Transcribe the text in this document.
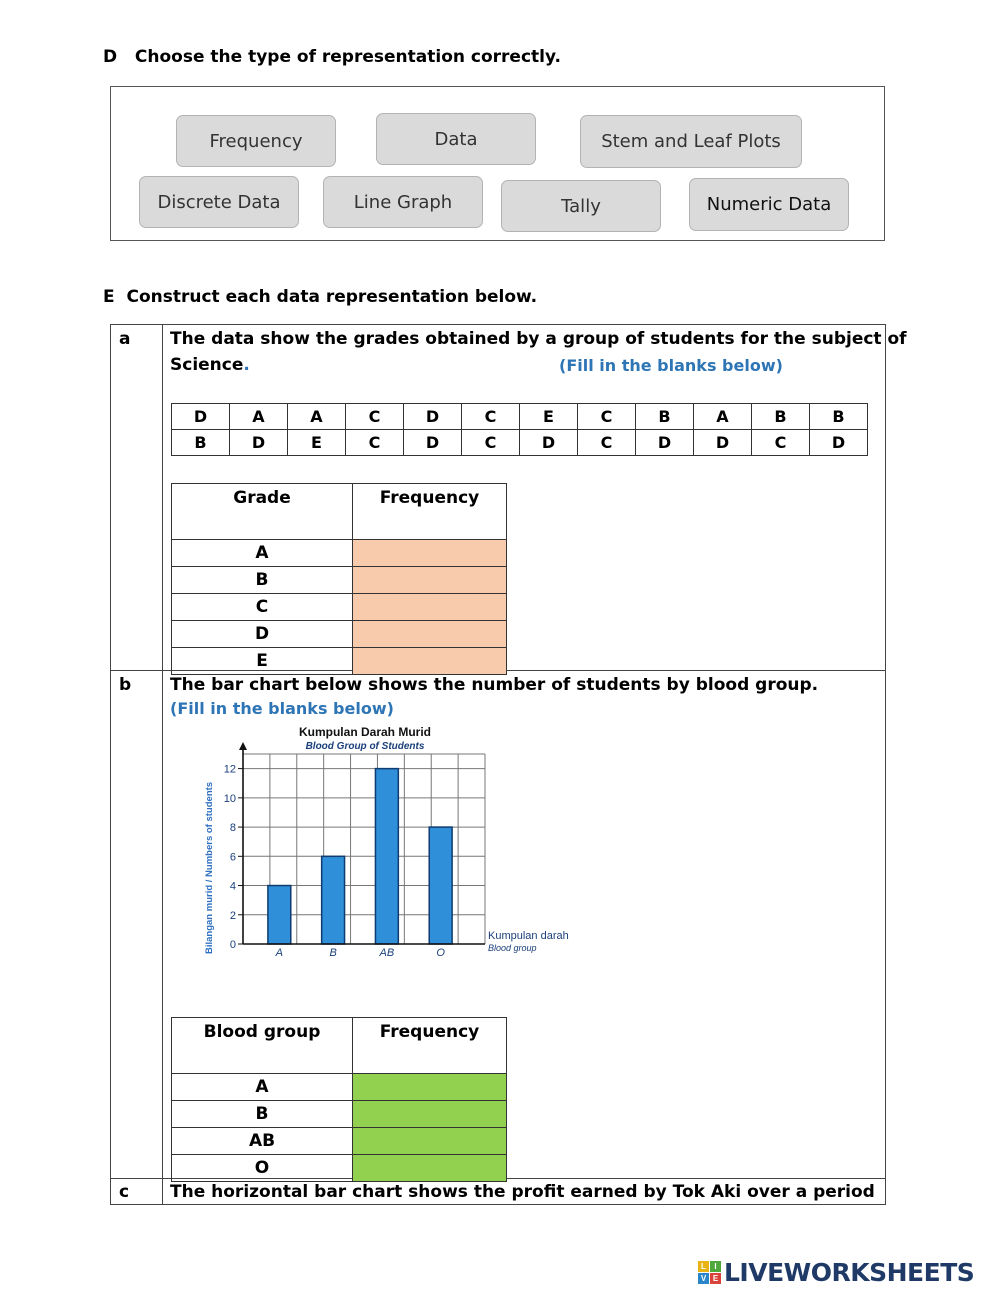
D Choose the type of representation correctly.
Frequency	Data	Stem and Leaf Plots
Discrete Data	Line Graph	Tally	Numeric Data
E Construct each data representation below.
a The data show the grades obtained by a group of students for the subject of
Science.	(Fill in the blanks below)
D	A	A	C	D	C	E	C	B	A	B	B
B	D	E	C	D	C	D	C	D	D	C	D
Grade	Frequency
A	
B	
C	
D	
E	
b The bar chart below shows the number of students by blood group.
(Fill in the blanks below)
Kumpulan Darah Murid
Blood Group of Students
0
2
4
6
8
10
12
A	B	AB	O
Bilangan murid / Numbers of students	Kumpulan darah
Blood group
Blood group	Frequency
A	
B	
AB	
O	
c The horizontal bar chart shows the profit earned by Tok Aki over a period
L	I
V E LIVEWORKSHEETS
